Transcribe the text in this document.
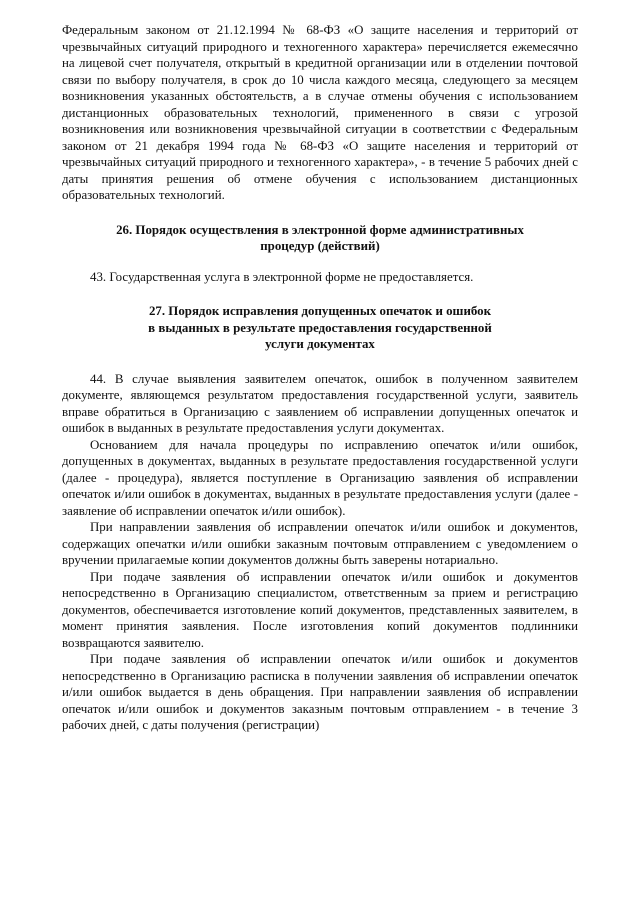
Федеральным законом от 21.12.1994 № 68-ФЗ «О защите населения и территорий от чрезвычайных ситуаций природного и техногенного характера» перечисляется ежемесячно на лицевой счет получателя, открытый в кредитной организации или в отделении почтовой связи по выбору получателя, в срок до 10 числа каждого месяца, следующего за месяцем возникновения указанных обстоятельств, а в случае отмены обучения с использованием дистанционных образовательных технологий, примененного в связи с угрозой возникновения или возникновения чрезвычайной ситуации в соответствии с Федеральным законом от 21 декабря 1994 года № 68-ФЗ «О защите населения и территорий от чрезвычайных ситуаций природного и техногенного характера», - в течение 5 рабочих дней с даты принятия решения об отмене обучения с использованием дистанционных образовательных технологий.

26. Порядок осуществления в электронной форме административных

процедур (действий)

43. Государственная услуга в электронной форме не предоставляется.

27. Порядок исправления допущенных опечаток и ошибок

в выданных в результате предоставления государственной

услуги документах

44. В случае выявления заявителем опечаток, ошибок в полученном заявителем документе, являющемся результатом предоставления государственной услуги, заявитель вправе обратиться в Организацию с заявлением об исправлении допущенных опечаток и ошибок в выданных в результате предоставления услуги документах.

Основанием для начала процедуры по исправлению опечаток и/или ошибок, допущенных в документах, выданных в результате предоставления государственной услуги (далее - процедура), является поступление в Организацию заявления об исправлении опечаток и/или ошибок в документах, выданных в результате предоставления услуги (далее - заявление об исправлении опечаток и/или ошибок).

При направлении заявления об исправлении опечаток и/или ошибок и документов, содержащих опечатки и/или ошибки заказным почтовым отправлением с уведомлением о вручении прилагаемые копии документов должны быть заверены нотариально.

При подаче заявления об исправлении опечаток и/или ошибок и документов непосредственно в Организацию специалистом, ответственным за прием и регистрацию документов, обеспечивается изготовление копий документов, представленных заявителем, в момент принятия заявления. После изготовления копий документов подлинники возвращаются заявителю.

При подаче заявления об исправлении опечаток и/или ошибок и документов непосредственно в Организацию расписка в получении заявления об исправлении опечаток и/или ошибок выдается в день обращения. При направлении заявления об исправлении опечаток и/или ошибок и документов заказным почтовым отправлением - в течение 3 рабочих дней, с даты получения (регистрации)
